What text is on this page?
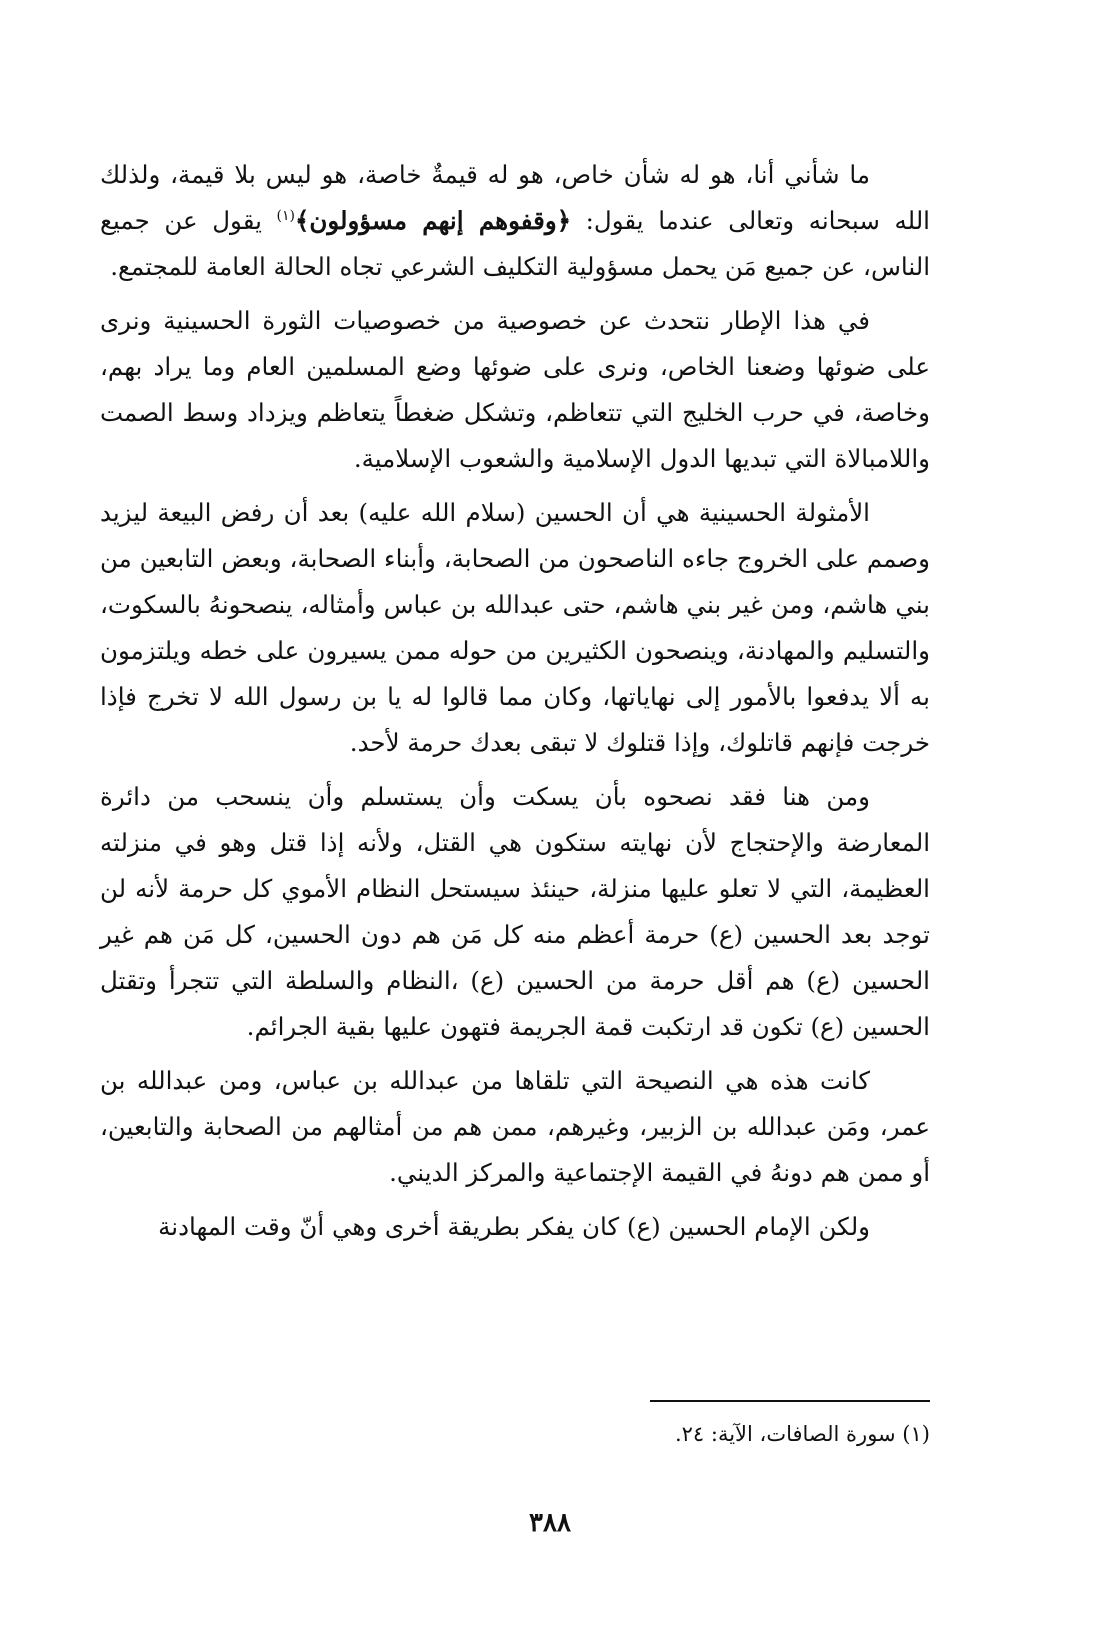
ما شأني أنا، هو له شأن خاص، هو له قيمةٌ خاصة، هو ليس بلا قيمة، ولذلك الله سبحانه وتعالى عندما يقول: ﴿وقفوهم إنهم مسؤولون﴾$^{(١)}$ يقول عن جميع الناس، عن جميع مَن يحمل مسؤولية التكليف الشرعي تجاه الحالة العامة للمجتمع.

في هذا الإطار نتحدث عن خصوصية من خصوصيات الثورة الحسينية ونرى على ضوئها وضعنا الخاص، ونرى على ضوئها وضع المسلمين العام وما يراد بهم، وخاصة، في حرب الخليج التي تتعاظم، وتشكل ضغطاً يتعاظم ويزداد وسط الصمت واللامبالاة التي تبديها الدول الإسلامية والشعوب الإسلامية.

الأمثولة الحسينية هي أن الحسين (سلام الله عليه) بعد أن رفض البيعة ليزيد وصمم على الخروج جاءه الناصحون من الصحابة، وأبناء الصحابة، وبعض التابعين من بني هاشم، ومن غير بني هاشم، حتى عبدالله بن عباس وأمثاله، ينصحونهُ بالسكوت، والتسليم والمهادنة، وينصحون الكثيرين من حوله ممن يسيرون على خطه ويلتزمون به ألا يدفعوا بالأمور إلى نهاياتها، وكان مما قالوا له يا بن رسول الله لا تخرج فإذا خرجت فإنهم قاتلوك، وإذا قتلوك لا تبقى بعدك حرمة لأحد.

ومن هنا فقد نصحوه بأن يسكت وأن يستسلم وأن ينسحب من دائرة المعارضة والإحتجاج لأن نهايته ستكون هي القتل، ولأنه إذا قتل وهو في منزلته العظيمة، التي لا تعلو عليها منزلة، حينئذ سيستحل النظام الأموي كل حرمة لأنه لن توجد بعد الحسين (ع) حرمة أعظم منه كل مَن هم دون الحسين، كل مَن هم غير الحسين (ع) هم أقل حرمة من الحسين (ع) ،النظام والسلطة التي تتجرأ وتقتل الحسين (ع) تكون قد ارتكبت قمة الجريمة فتهون عليها بقية الجرائم.

كانت هذه هي النصيحة التي تلقاها من عبدالله بن عباس، ومن عبدالله بن عمر، ومَن عبدالله بن الزبير، وغيرهم، ممن هم من أمثالهم من الصحابة والتابعين، أو ممن هم دونهُ في القيمة الإجتماعية والمركز الديني.

ولكن الإمام الحسين (ع) كان يفكر بطريقة أخرى وهي أنّ وقت المهادنة

(١) سورة الصافات، الآية: ٢٤.
٣٨٨
